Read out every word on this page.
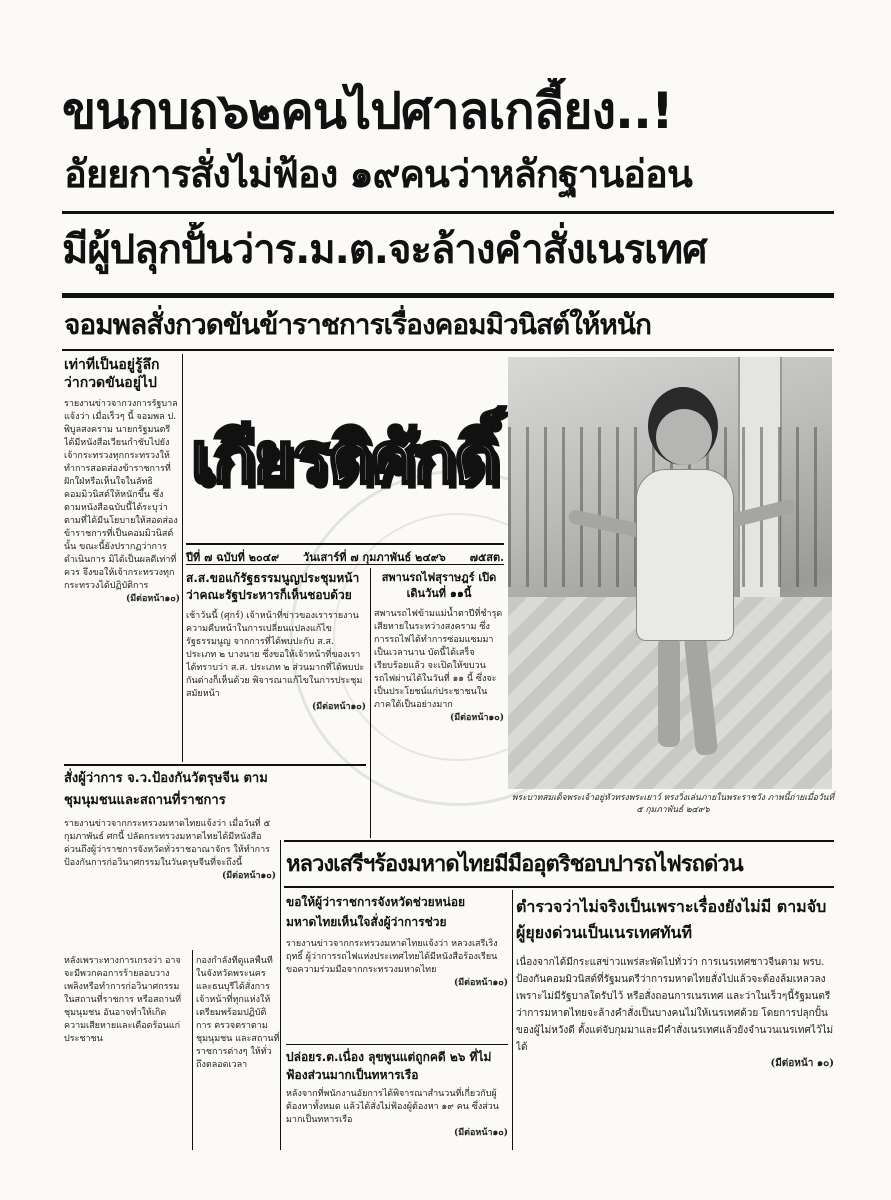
ขนกบถ๖๒คนไปศาลเกลี้ยง..!
อัยยการสั่งไม่ฟ้อง ๑๙คนว่าหลักฐานอ่อน
มีผู้ปลุกปั้นว่าร.ม.ต.จะล้างคำสั่งเนรเทศ
จอมพลสั่งกวดขันข้าราชการเรื่องคอมมิวนิสต์ให้หนัก

เท่าที่เป็นอยู่รู้ลึก ว่ากวดขันอยู่ไป

รายงานข่าวจากวงการรัฐบาลแจ้งว่า เมื่อเร็วๆ นี้ จอมพล ป. พิบูลสงคราม นายกรัฐมนตรี ได้มีหนังสือเวียนกำชับไปยังเจ้ากระทรวงทุกกระทรวงให้ทำการสอดส่องข้าราชการที่ฝักใฝ่หรือเห็นใจในลัทธิคอมมิวนิสต์ให้หนักขึ้น ซึ่งตามหนังสือฉบับนี้ได้ระบุว่าตามที่ได้มีนโยบายให้สอดส่องข้าราชการที่เป็นคอมมิวนิสต์นั้น ขณะนี้ยังปรากฏว่าการดำเนินการ มิได้เป็นผลดีเท่าที่ควร จึงขอให้เจ้ากระทรวงทุกกระทรวงได้ปฏิบัติการ

(มีต่อหน้า๑๐)

เกียรติศักดิ์
ปีที่ ๗ ฉบับที่ ๒๐๔๙ วันเสาร์ที่ ๗ กุมภาพันธ์ ๒๔๙๖ ๗๕สต.

ส.ส.ขอแก้รัฐธรรมนูญประชุมหน้า ว่าคณะรัฐประหารก็เห็นชอบด้วย

เช้าวันนี้ (ศุกร์) เจ้าหน้าที่ข่าวของเรารายงานความคืบหน้าในการเปลี่ยนแปลงแก้ไขรัฐธรรมนูญ จากการที่ได้พบปะกับ ส.ส. ประเภท ๒ บางนาย ซึ่งขอให้เจ้าหน้าที่ของเราได้ทราบว่า ส.ส. ประเภท ๒ ส่วนมากที่ได้พบปะกันต่างก็เห็นด้วย พิจารณาแก้ไขในการประชุมสมัยหน้า

(มีต่อหน้า๑๐)

สพานรถไฟสุราษฎร์ เปิดเดินวันที่ ๑๑นี้

สพานรถไฟข้ามแม่น้ำตาปีที่ชำรุดเสียหายในระหว่างสงคราม ซึ่งการรถไฟได้ทำการซ่อมแซมมาเป็นเวลานาน บัดนี้ได้เสร็จเรียบร้อยแล้ว จะเปิดให้ขบวนรถไฟผ่านได้ในวันที่ ๑๑ นี้ ซึ่งจะเป็นประโยชน์แก่ประชาชนในภาคใต้เป็นอย่างมาก

(มีต่อหน้า๑๐)

พระบาทสมเด็จพระเจ้าอยู่หัวทรงพระเยาว์ ทรงวิ่งเล่นภายในพระราชวัง ภาพนี้ถ่ายเมื่อวันที่ ๕ กุมภาพันธ์ ๒๔๙๖

สั่งผู้ว่าการ จ.ว.ป้องกันวัตรุษจีน ตามชุมนุมชนและสถานที่ราชการ

รายงานข่าวจากกระทรวงมหาดไทยแจ้งว่า เมื่อวันที่ ๕ กุมภาพันธ์ ศกนี้ ปลัดกระทรวงมหาดไทยได้มีหนังสือด่วนถึงผู้ว่าราชการจังหวัดทั่วราชอาณาจักร ให้ทำการป้องกันการก่อวินาศกรรมในวันตรุษจีนที่จะถึงนี้

(มีต่อหน้า๑๐)

หลังเพราะทางการเกรงว่า อาจจะมีพวกคอการร้ายลอบวางเพลิงหรือทำการก่อวินาศกรรมในสถานที่ราชการ หรือสถานที่ชุมนุมชน อันอาจทำให้เกิดความเสียหายและเดือดร้อนแก่ประชาชน

กองกำลังที่ดูแลพื้นที่ในจังหวัดพระนครและธนบุรีได้สั่งการเจ้าหน้าที่ทุกแห่งให้เตรียมพร้อมปฏิบัติการ ตรวจตราตามชุมนุมชน และสถานที่ราชการต่างๆ ให้ทั่วถึงตลอดเวลา

หลวงเสรีฯร้องมหาดไทยมีมืออุตริชอบปารถไฟรถด่วน

ขอให้ผู้ว่าราชการจังหวัดช่วยหน่อย มหาดไทยเห็นใจสั่งผู้ว่าการช่วย

รายงานข่าวจากกระทรวงมหาดไทยแจ้งว่า หลวงเสรีเริงฤทธิ์ ผู้ว่าการรถไฟแห่งประเทศไทยได้มีหนังสือร้องเรียนขอความร่วมมือจากกระทรวงมหาดไทย

(มีต่อหน้า๑๐)

ปล่อยร.ต.เนื่อง ลุขพูนแต่ถูกคดี ๒๖ ที่ไม่ฟ้องส่วนมากเป็นทหารเรือ

หลังจากที่พนักงานอัยการได้พิจารณาสำนวนที่เกี่ยวกับผู้ต้องหาทั้งหมด แล้วได้สั่งไม่ฟ้องผู้ต้องหา ๑๙ คน ซึ่งส่วนมากเป็นทหารเรือ

(มีต่อหน้า๑๐)

ตำรวจว่าไม่จริงเป็นเพราะเรื่องยังไม่มี ตามจับผู้ยุยงด่วนเป็นเนรเทศทันที

เนื่องจากได้มีกระแสข่าวแพร่สะพัดไปทั่วว่า การเนรเทศชาวจีนตาม พรบ. ป้องกันคอมมิวนิสต์ที่รัฐมนตรีว่าการมหาดไทยสั่งไปแล้วจะต้องล้มเหลวลง เพราะไม่มีรัฐบาลใดรับไว้ หรือสั่งถอนการเนรเทศ และว่าในเร็วๆนี้รัฐมนตรีว่าการมหาดไทยจะล้างคำสั่งเป็นบางคนไม่ให้เนรเทศด้วย โดยการปลุกปั้นของผู้ไม่หวังดี ตั้งแต่จับกุมมาและมีคำสั่งเนรเทศแล้วยังจำนวนเนรเทศไว้ไม่ได้

(มีต่อหน้า ๑๐)
